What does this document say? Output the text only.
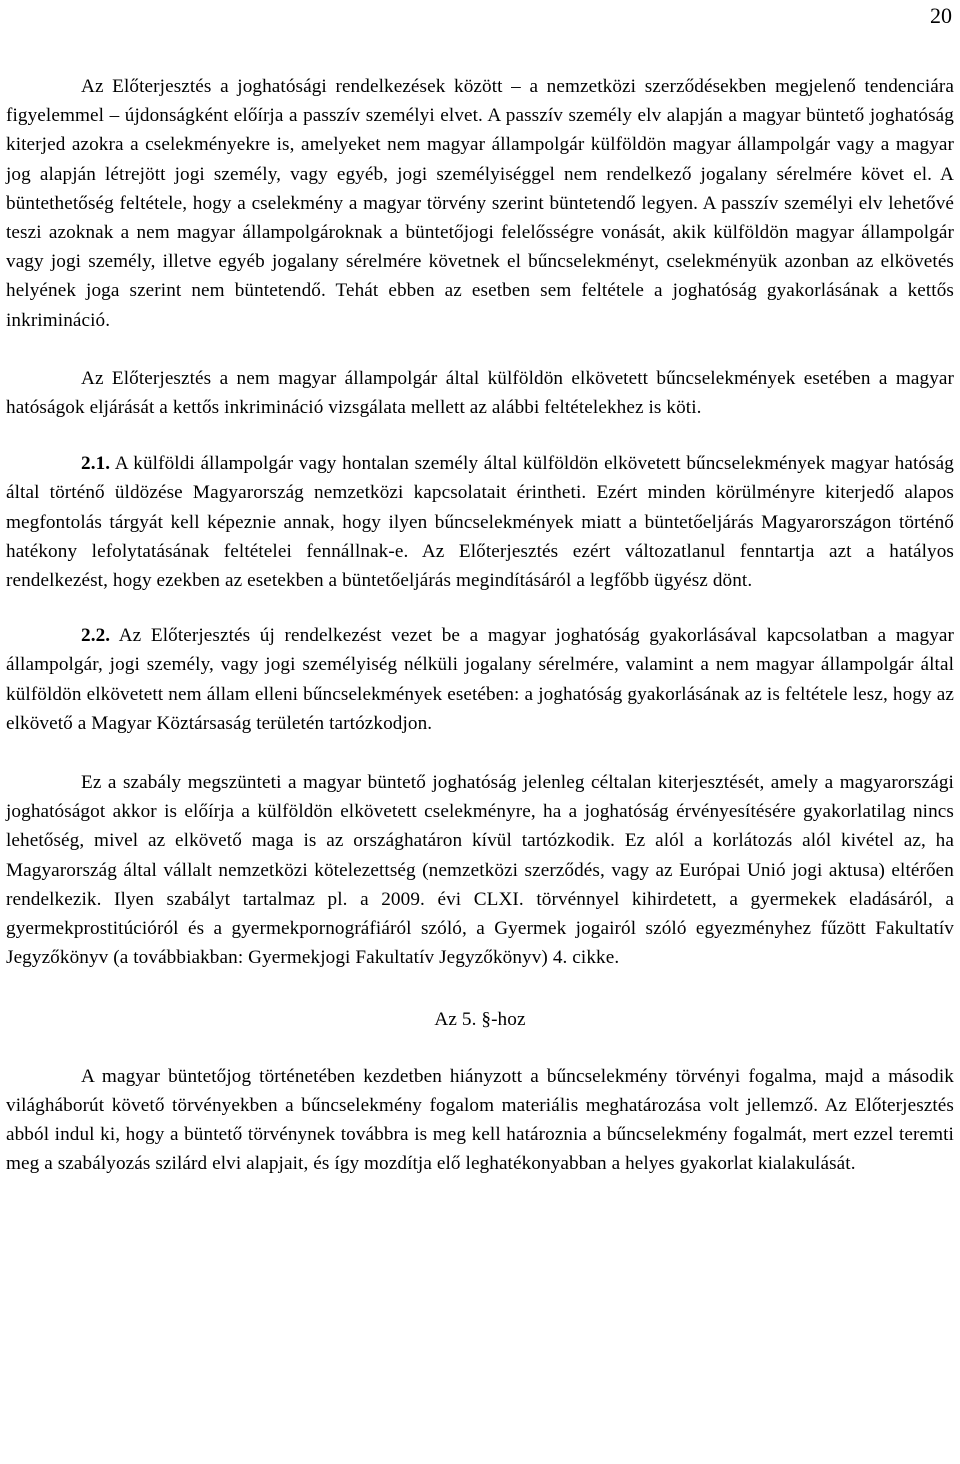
20

Az Előterjesztés a joghatósági rendelkezések között – a nemzetközi szerződésekben megjelenő tendenciára figyelemmel – újdonságként előírja a passzív személyi elvet. A passzív személy elv alapján a magyar büntető joghatóság kiterjed azokra a cselekményekre is, amelyeket nem magyar állampolgár külföldön magyar állampolgár vagy a magyar jog alapján létrejött jogi személy, vagy egyéb, jogi személyiséggel nem rendelkező jogalany sérelmére követ el. A büntethetőség feltétele, hogy a cselekmény a magyar törvény szerint büntetendő legyen. A passzív személyi elv lehetővé teszi azoknak a nem magyar állampolgároknak a büntetőjogi felelősségre vonását, akik külföldön magyar állampolgár vagy jogi személy, illetve egyéb jogalany sérelmére követnek el bűncselekményt, cselekményük azonban az elkövetés helyének joga szerint nem büntetendő. Tehát ebben az esetben sem feltétele a joghatóság gyakorlásának a kettős inkrimináció.

Az Előterjesztés a nem magyar állampolgár által külföldön elkövetett bűncselekmények esetében a magyar hatóságok eljárását a kettős inkrimináció vizsgálata mellett az alábbi feltételekhez is köti.

2.1. A külföldi állampolgár vagy hontalan személy által külföldön elkövetett bűncselekmények magyar hatóság által történő üldözése Magyarország nemzetközi kapcsolatait érintheti. Ezért minden körülményre kiterjedő alapos megfontolás tárgyát kell képeznie annak, hogy ilyen bűncselekmények miatt a büntetőeljárás Magyarországon történő hatékony lefolytatásának feltételei fennállnak-e. Az Előterjesztés ezért változatlanul fenntartja azt a hatályos rendelkezést, hogy ezekben az esetekben a büntetőeljárás megindításáról a legfőbb ügyész dönt.

2.2. Az Előterjesztés új rendelkezést vezet be a magyar joghatóság gyakorlásával kapcsolatban a magyar állampolgár, jogi személy, vagy jogi személyiség nélküli jogalany sérelmére, valamint a nem magyar állampolgár által külföldön elkövetett nem állam elleni bűncselekmények esetében: a joghatóság gyakorlásának az is feltétele lesz, hogy az elkövető a Magyar Köztársaság területén tartózkodjon.

Ez a szabály megszünteti a magyar büntető joghatóság jelenleg céltalan kiterjesztését, amely a magyarországi joghatóságot akkor is előírja a külföldön elkövetett cselekményre, ha a joghatóság érvényesítésére gyakorlatilag nincs lehetőség, mivel az elkövető maga is az országhatáron kívül tartózkodik. Ez alól a korlátozás alól kivétel az, ha Magyarország által vállalt nemzetközi kötelezettség (nemzetközi szerződés, vagy az Európai Unió jogi aktusa) eltérően rendelkezik. Ilyen szabályt tartalmaz pl. a 2009. évi CLXI. törvénnyel kihirdetett, a gyermekek eladásáról, a gyermekprostitúcióról és a gyermekpornográfiáról szóló, a Gyermek jogairól szóló egyezményhez fűzött Fakultatív Jegyzőkönyv (a továbbiakban: Gyermekjogi Fakultatív Jegyzőkönyv) 4. cikke.

Az 5. §-hoz

A magyar büntetőjog történetében kezdetben hiányzott a bűncselekmény törvényi fogalma, majd a második világháborút követő törvényekben a bűncselekmény fogalom materiális meghatározása volt jellemző. Az Előterjesztés abból indul ki, hogy a büntető törvénynek továbbra is meg kell határoznia a bűncselekmény fogalmát, mert ezzel teremti meg a szabályozás szilárd elvi alapjait, és így mozdítja elő leghatékonyabban a helyes gyakorlat kialakulását.
